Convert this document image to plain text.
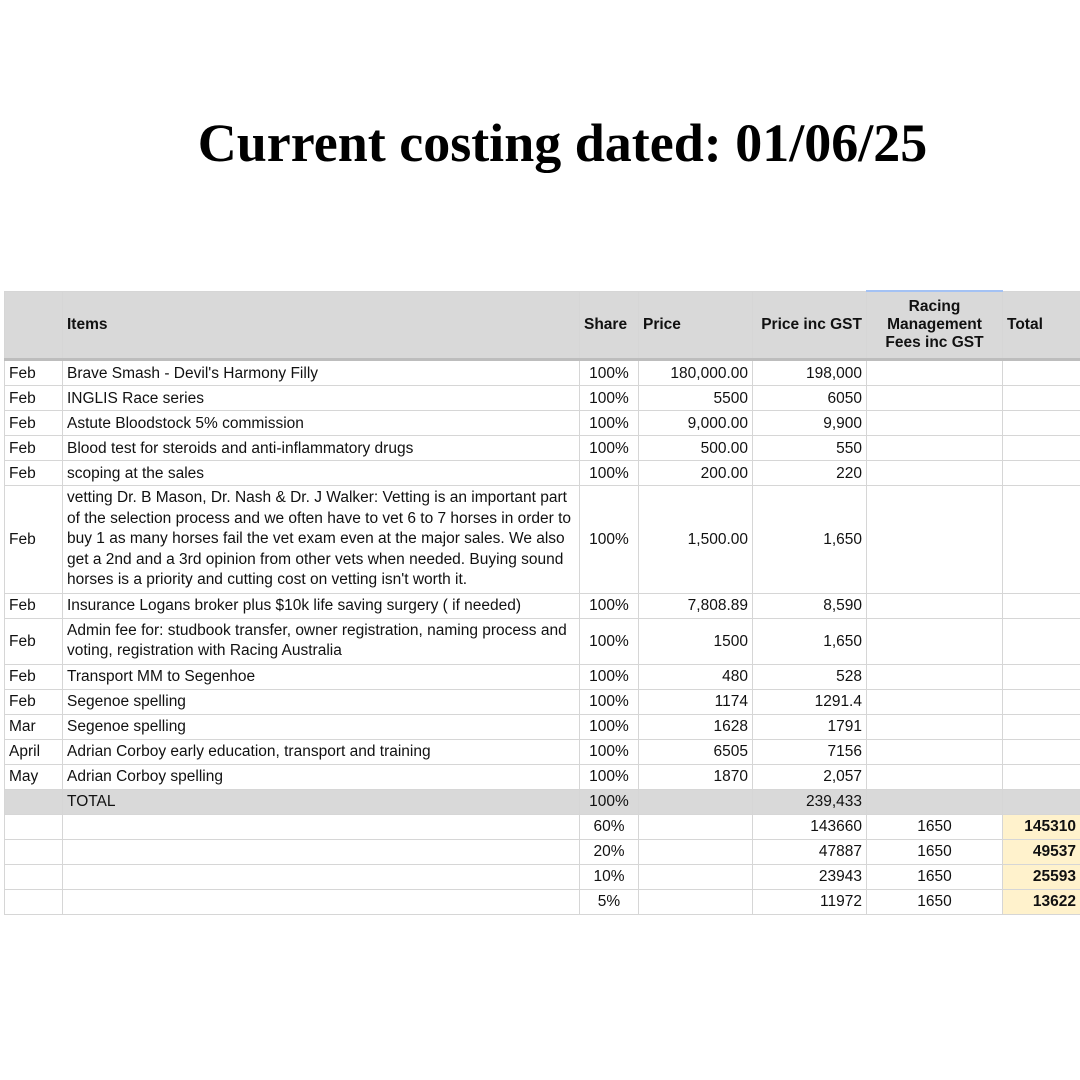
Current costing dated: 01/06/25
	Items	Share	Price	Price inc GST	Racing Management Fees inc GST	Total
Feb	Brave Smash - Devil's Harmony Filly	100%	180,000.00	198,000		
Feb	INGLIS Race series	100%	5500	6050		
Feb	Astute Bloodstock 5% commission	100%	9,000.00	9,900		
Feb	Blood test for steroids and anti-inflammatory drugs	100%	500.00	550		
Feb	scoping at the sales	100%	200.00	220		
Feb	vetting Dr. B Mason, Dr. Nash & Dr. J Walker: Vetting is an important part of the selection process and we often have to vet 6 to 7 horses in order to buy 1 as many horses fail the vet exam even at the major sales. We also get a 2nd and a 3rd opinion from other vets when needed. Buying sound horses is a priority and cutting cost on vetting isn't worth it.	100%	1,500.00	1,650		
Feb	Insurance Logans broker plus $10k life saving surgery ( if needed)	100%	7,808.89	8,590		
Feb	Admin fee for: studbook transfer, owner registration, naming process and voting, registration with Racing Australia	100%	1500	1,650		
Feb	Transport MM to Segenhoe	100%	480	528		
Feb	Segenoe spelling	100%	1174	1291.4		
Mar	Segenoe spelling	100%	1628	1791		
April	Adrian Corboy early education, transport and training	100%	6505	7156		
May	Adrian Corboy spelling	100%	1870	2,057		
	TOTAL	100%		239,433		
		60%		143660	1650	145310
		20%		47887	1650	49537
		10%		23943	1650	25593
		5%		11972	1650	13622
